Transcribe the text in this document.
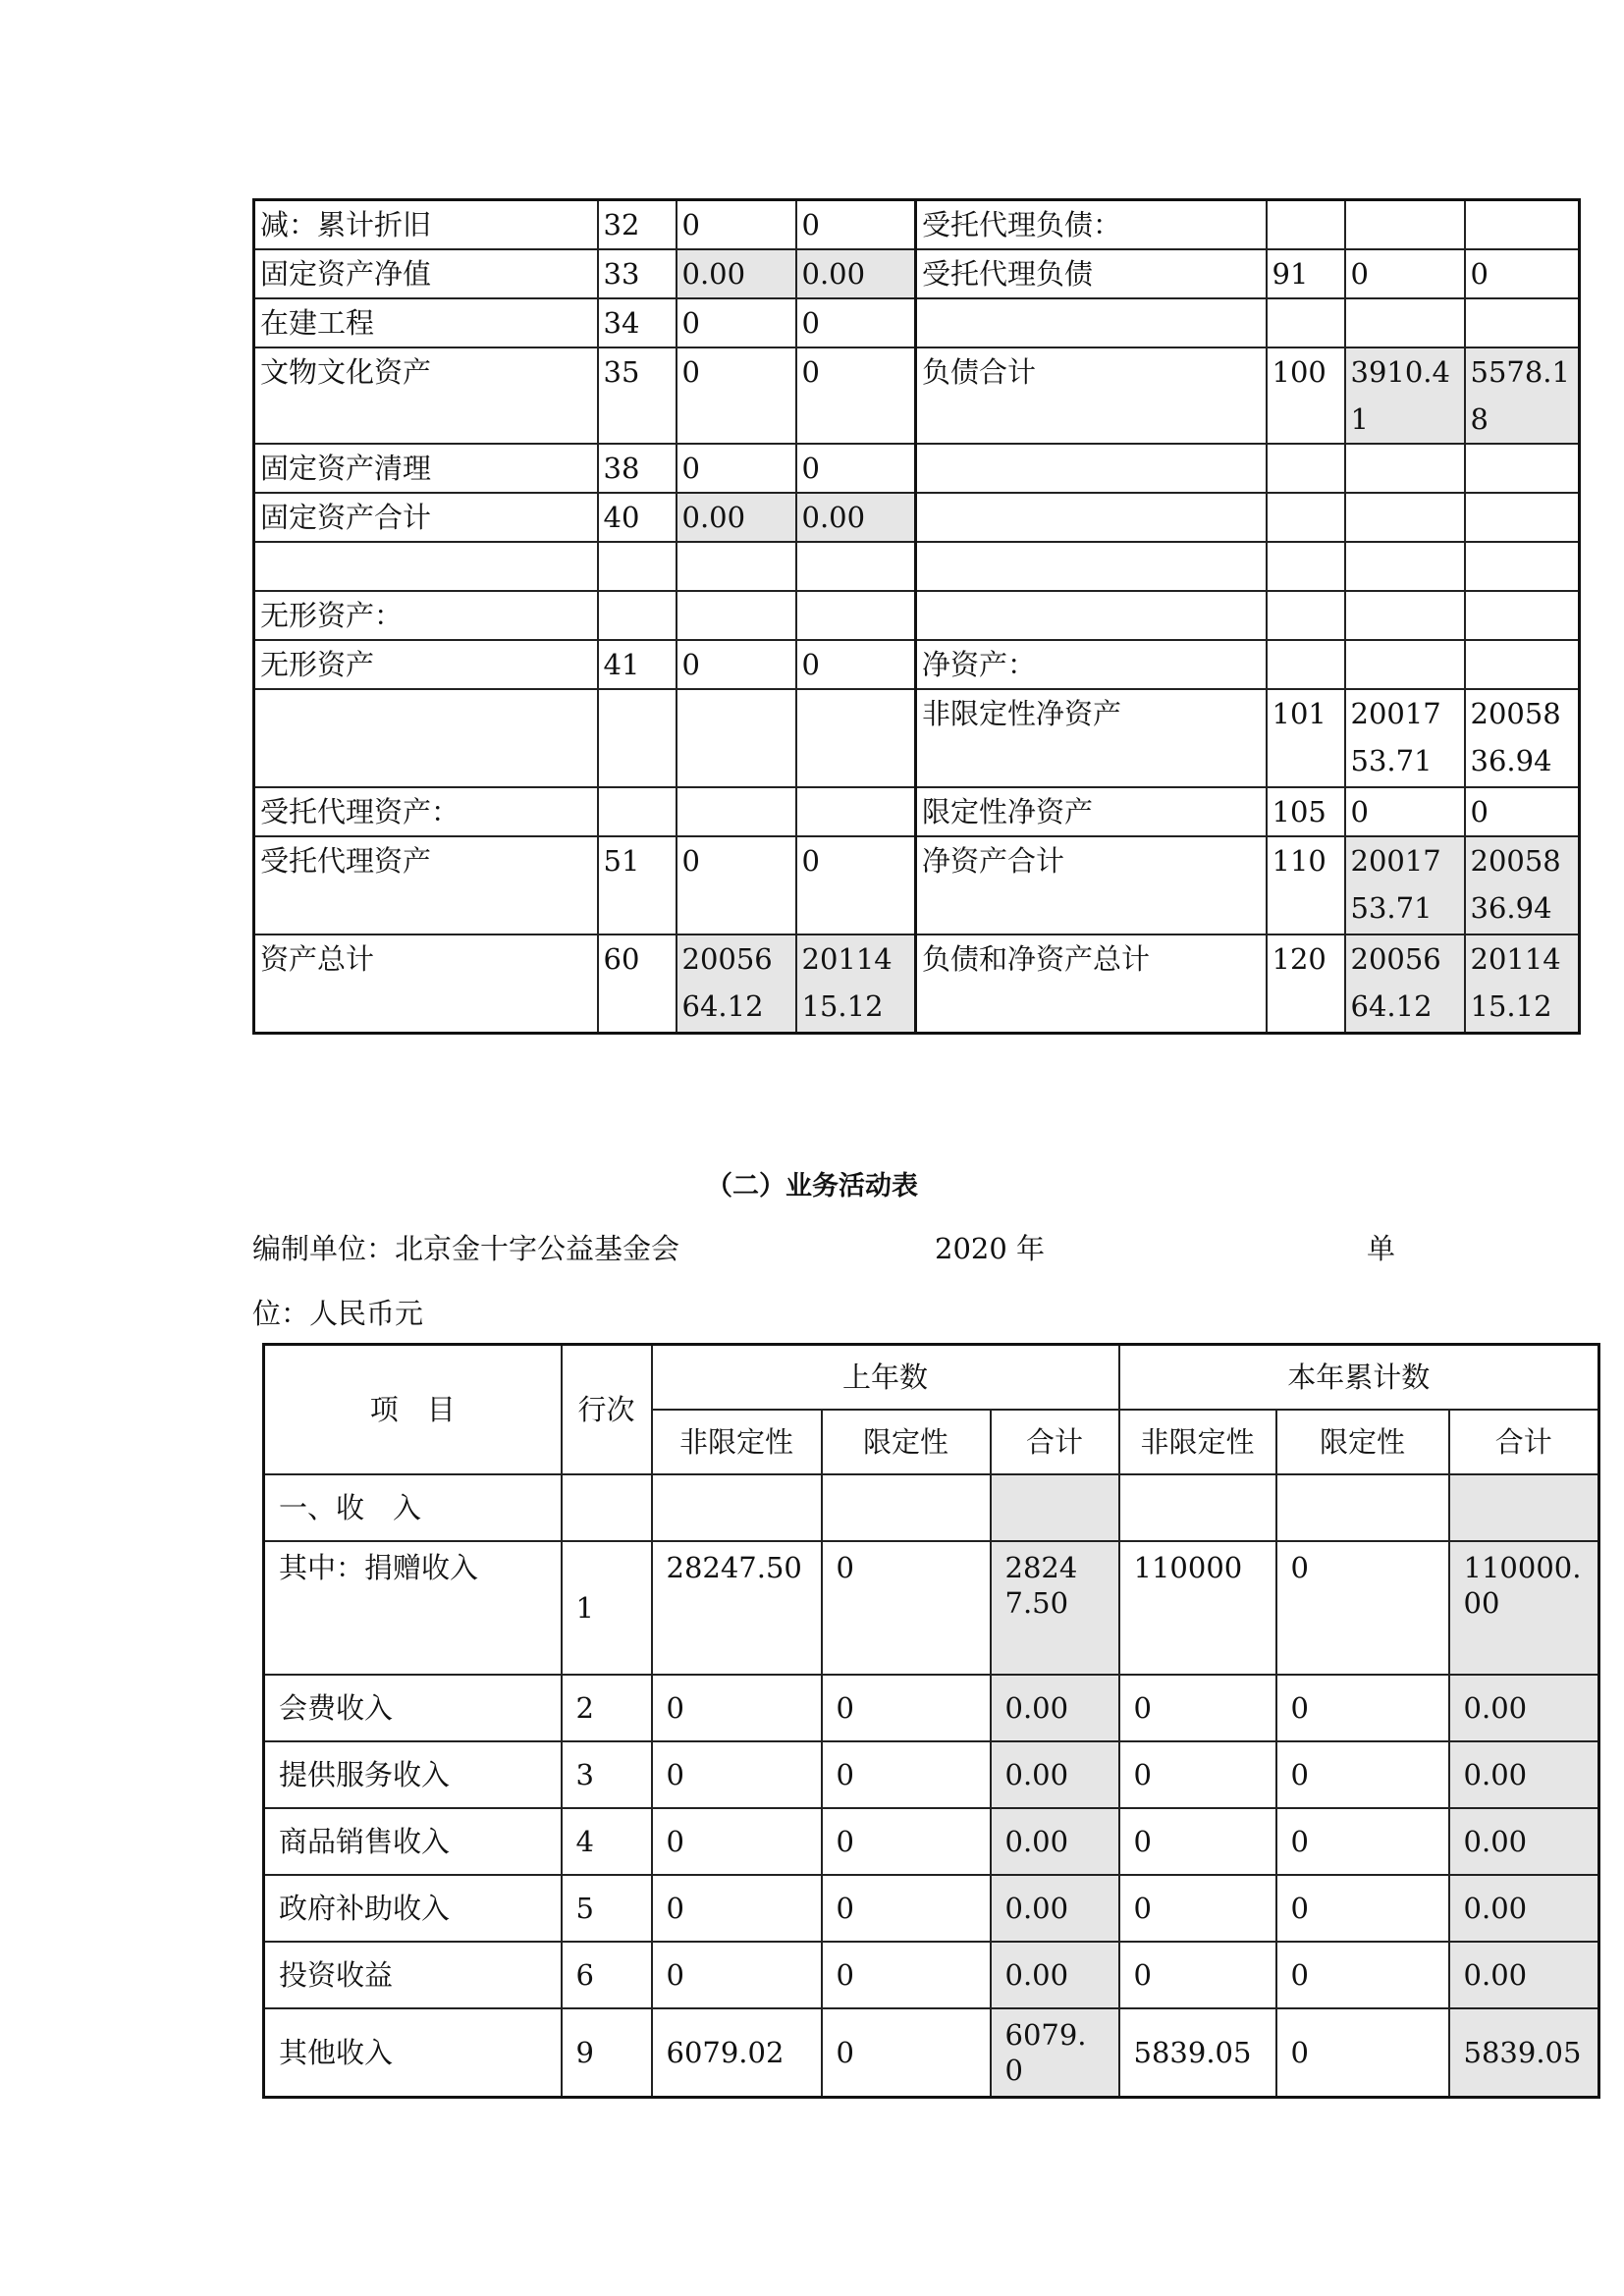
减：累计折旧	32	0	0	受托代理负债：			
固定资产净值	33	0.00	0.00	受托代理负债	91	0	0
在建工程	34	0	0				
文物文化资产	35	0	0	负债合计	100	3910.41	5578.18
固定资产清理	38	0	0				
固定资产合计	40	0.00	0.00				

无形资产：							
无形资产	41	0	0	净资产：			
				非限定性净资产	101	2001753.71	2005836.94
受托代理资产：				限定性净资产	105	0	0
受托代理资产	51	0	0	净资产合计	110	2001753.71	2005836.94
资产总计	60	2005664.12	2011415.12	负债和净资产总计	120	2005664.12	2011415.12
（二）业务活动表
编制单位：北京金十字公益基金会	2020 年	单
位：人民币元
项　目	行次	上年数			本年累计数		
		非限定性	限定性	合计	非限定性	限定性	合计
一、收　入							
其中：捐赠收入	1	28247.50	0	28247.50	110000	0	110000.00
会费收入	2	0	0	0.00	0	0	0.00
提供服务收入	3	0	0	0.00	0	0	0.00
商品销售收入	4	0	0	0.00	0	0	0.00
政府补助收入	5	0	0	0.00	0	0	0.00
投资收益	6	0	0	0.00	0	0	0.00
其他收入	9	6079.02	0	6079.0	5839.05	0	5839.05
